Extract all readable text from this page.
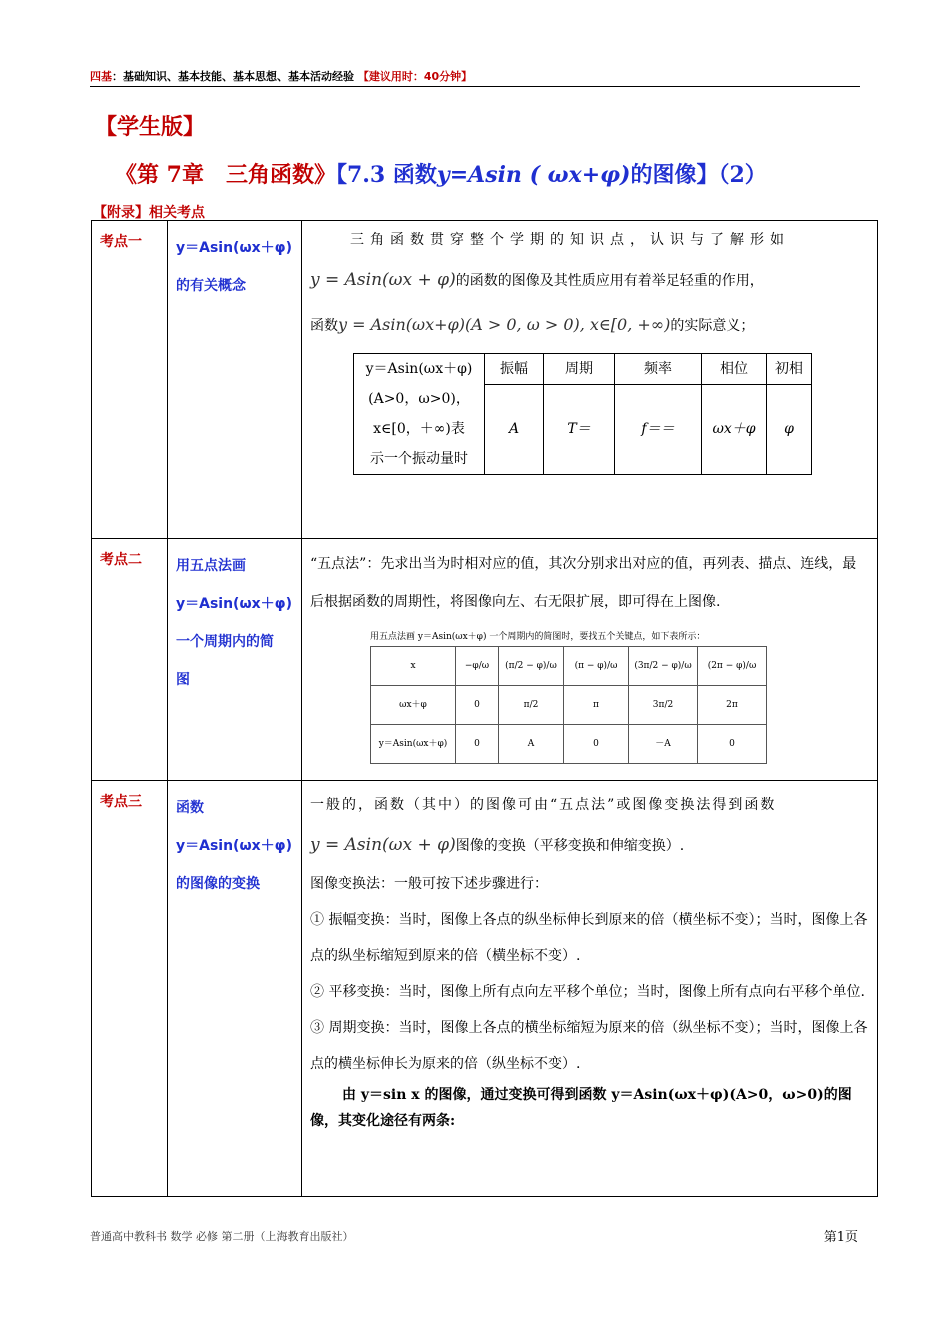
四基：基础知识、基本技能、基本思想、基本活动经验 【建议用时：40分钟】
【学生版】
《第 7章　三角函数》【7.3 函数y=Asin ( ωx+φ)的图像】（2）
【附录】相关考点
考点一	y＝Asin(ωx＋φ)
的有关概念

三角函数贯穿整个学期的知识点，认识与了解形如
y = Asin(ωx + φ)的函数的图像及其性质应用有着举足轻重的作用，
函数y = Asin(ωx+φ)(A > 0, ω > 0), x∈[0, +∞)的实际意义；
y＝Asin(ωx＋φ)
(A>0，ω>0)，
x∈[0，＋∞)表
示一个振动量时
	振幅	周期	频率	相位	初相
A	T＝	f＝＝	ωx＋φ	φ

考点二	用五点法画
y＝Asin(ωx＋φ)
一个周期内的简
图

“五点法”：先求出当为时相对应的值，其次分别求出对应的值，再列表、描点、连线，最后根据函数的周期性，将图像向左、右无限扩展，即可得在上图像.
用五点法画 y＝Asin(ωx＋φ) 一个周期内的简图时，要找五个关键点，如下表所示：
x	−φ/ω	(π/2 − φ)/ω	(π − φ)/ω	(3π/2 − φ)/ω	(2π − φ)/ω
ωx＋φ	0	π/2	π	3π/2	2π
y＝Asin(ωx＋φ)	0	A	0	－A	0

考点三	函数
y＝Asin(ωx＋φ)
的图像的变换

一般的，函数（其中）的图像可由“五点法”或图像变换法得到函数
y = Asin(ωx + φ)图像的变换（平移变换和伸缩变换）.
图像变换法：一般可按下述步骤进行：
① 振幅变换：当时，图像上各点的纵坐标伸长到原来的倍（横坐标不变）；当时，图像上各点的纵坐标缩短到原来的倍（横坐标不变）.
② 平移变换：当时，图像上所有点向左平移个单位；当时，图像上所有点向右平移个单位.
③ 周期变换：当时，图像上各点的横坐标缩短为原来的倍（纵坐标不变）；当时，图像上各点的横坐标伸长为原来的倍（纵坐标不变）.
由 y＝sin x 的图像，通过变换可得到函数 y＝Asin(ωx＋φ)(A>0，ω>0)的图像，其变化途径有两条:
普通高中教科书 数学 必修 第二册（上海教育出版社）	第1页
